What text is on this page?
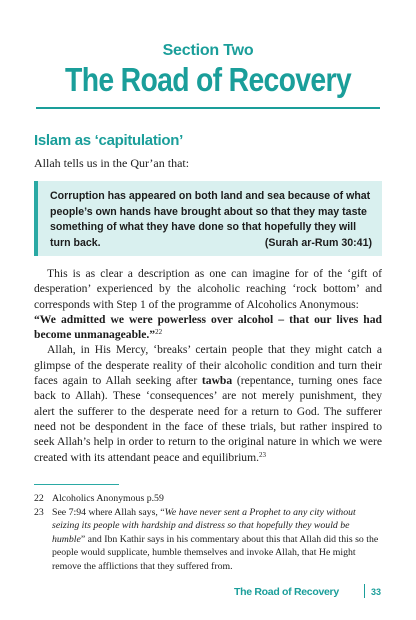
Section Two
The Road of Recovery
Islam as ‘capitulation’
Allah tells us in the Qur’an that:
Corruption has appeared on both land and sea because of what people’s own hands have brought about so that they may taste something of what they have done so that hopefully they will turn back.	(Surah ar-Rum 30:41)

This is as clear a description as one can imagine for of the ‘gift of desperation’ experienced by the alcoholic reaching ‘rock bottom’ and corresponds with Step 1 of the programme of Alcoholics Anonymous:

“We admitted we were powerless over alcohol – that our lives had become unmanageable.”$^{22}$

Allah, in His Mercy, ‘breaks’ certain people that they might catch a glimpse of the desperate reality of their alcoholic condition and turn their faces again to Allah seeking after tawba (repentance, turning ones face back to Allah). These ‘consequences’ are not merely punishment, they alert the sufferer to the desperate need for a return to God. The sufferer need not be despondent in the face of these trials, but rather inspired to seek Allah’s help in order to return to the original nature in which we were created with its attendant peace and equilibrium.$^{23}$

22 Alcoholics Anonymous p.59
23 See 7:94 where Allah says, “We have never sent a Prophet to any city without seizing its people with hardship and distress so that hopefully they would be humble” and Ibn Kathir says in his commentary about this that Allah did this so the people would supplicate, humble themselves and invoke Allah, that He might remove the afflictions that they suffered from.
The Road of Recovery	33
